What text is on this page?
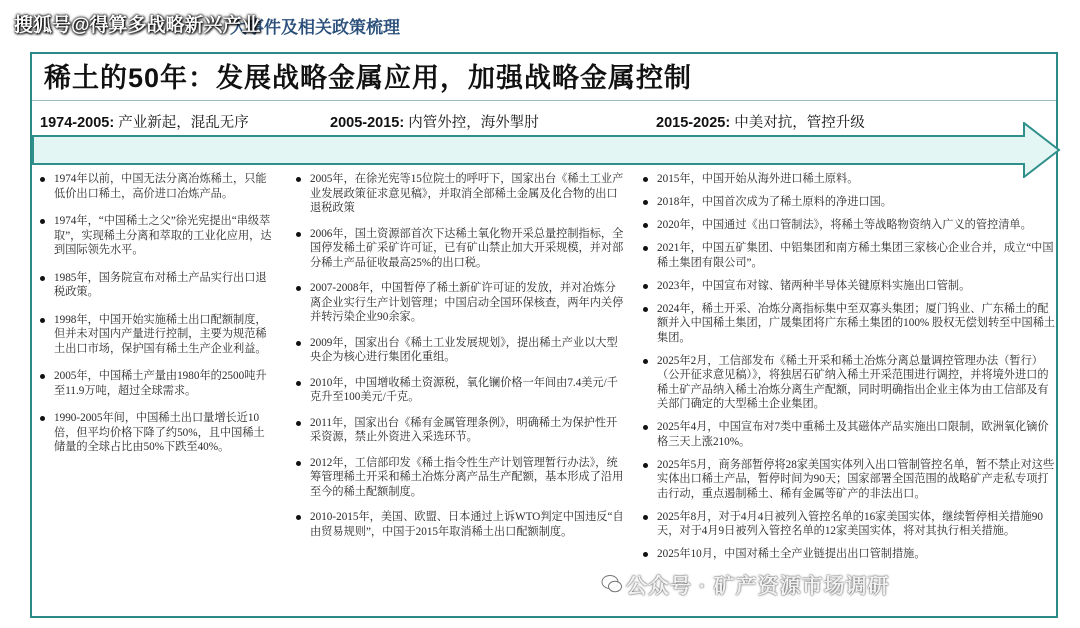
大事件及相关政策梳理
搜狐号@得算多战略新兴产业
稀土的50年：发展战略金属应用，加强战略金属控制
1974-2005: 产业新起，混乱无序	2005-2015: 内管外控，海外掣肘	2015-2025: 中美对抗，管控升级
1974年以前，中国无法分离冶炼稀土，只能低价出口稀土，高价进口冶炼产品。
1974年，“中国稀土之父”徐光宪提出“串级萃取”，实现稀土分离和萃取的工业化应用，达到国际领先水平。
1985年，国务院宣布对稀土产品实行出口退税政策。
1998年，中国开始实施稀土出口配额制度，但并未对国内产量进行控制，主要为规范稀土出口市场，保护国有稀土生产企业利益。
2005年，中国稀土产量由1980年的2500吨升至11.9万吨，超过全球需求。
1990-2005年间，中国稀土出口量增长近10倍，但平均价格下降了约50%，且中国稀土储量的全球占比由50%下跌至40%。
2005年，在徐光宪等15位院士的呼吁下，国家出台《稀土工业产业发展政策征求意见稿》，并取消全部稀土金属及化合物的出口退税政策
2006年，国土资源部首次下达稀土氧化物开采总量控制指标，全国停发稀土矿采矿许可证，已有矿山禁止加大开采规模，并对部分稀土产品征收最高25%的出口税。
2007-2008年，中国暂停了稀土新矿许可证的发放，并对冶炼分离企业实行生产计划管理；中国启动全国环保核查，两年内关停并转污染企业90余家。
2009年，国家出台《稀土工业发展规划》，提出稀土产业以大型央企为核心进行集团化重组。
2010年，中国增收稀土资源税，氧化镧价格一年间由7.4美元/千克升至100美元/千克。
2011年，国家出台《稀有金属管理条例》，明确稀土为保护性开采资源，禁止外资进入采选环节。
2012年，工信部印发《稀土指令性生产计划管理暂行办法》，统筹管理稀土开采和稀土冶炼分离产品生产配额，基本形成了沿用至今的稀土配额制度。
2010-2015年，美国、欧盟、日本通过上诉WTO判定中国违反“自由贸易规则”，中国于2015年取消稀土出口配额制度。
2015年，中国开始从海外进口稀土原料。
2018年，中国首次成为了稀土原料的净进口国。
2020年，中国通过《出口管制法》，将稀土等战略物资纳入广义的管控清单。
2021年，中国五矿集团、中铝集团和南方稀土集团三家核心企业合并，成立“中国稀土集团有限公司”。
2023年，中国宣布对镓、锗两种半导体关键原料实施出口管制。
2024年，稀土开采、冶炼分离指标集中至双寡头集团；厦门钨业、广东稀土的配额并入中国稀土集团，广晟集团将广东稀土集团的100% 股权无偿划转至中国稀土集团。
2025年2月，工信部发布《稀土开采和稀土冶炼分离总量调控管理办法（暂行）（公开征求意见稿）》，将独居石矿纳入稀土开采范围进行调控，并将境外进口的稀土矿产品纳入稀土冶炼分离生产配额，同时明确指出企业主体为由工信部及有关部门确定的大型稀土企业集团。
2025年4月，中国宣布对7类中重稀土及其磁体产品实施出口限制，欧洲氧化镝价格三天上涨210%。
2025年5月，商务部暂停将28家美国实体列入出口管制管控名单，暂不禁止对这些实体出口稀土产品，暂停时间为90天；国家部署全国范围的战略矿产走私专项打击行动，重点遏制稀土、稀有金属等矿产的非法出口。
2025年8月，对于4月4日被列入管控名单的16家美国实体，继续暂停相关措施90天，对于4月9日被列入管控名单的12家美国实体，将对其执行相关措施。
2025年10月，中国对稀土全产业链提出出口管制措施。
公众号 · 矿产资源市场调研
